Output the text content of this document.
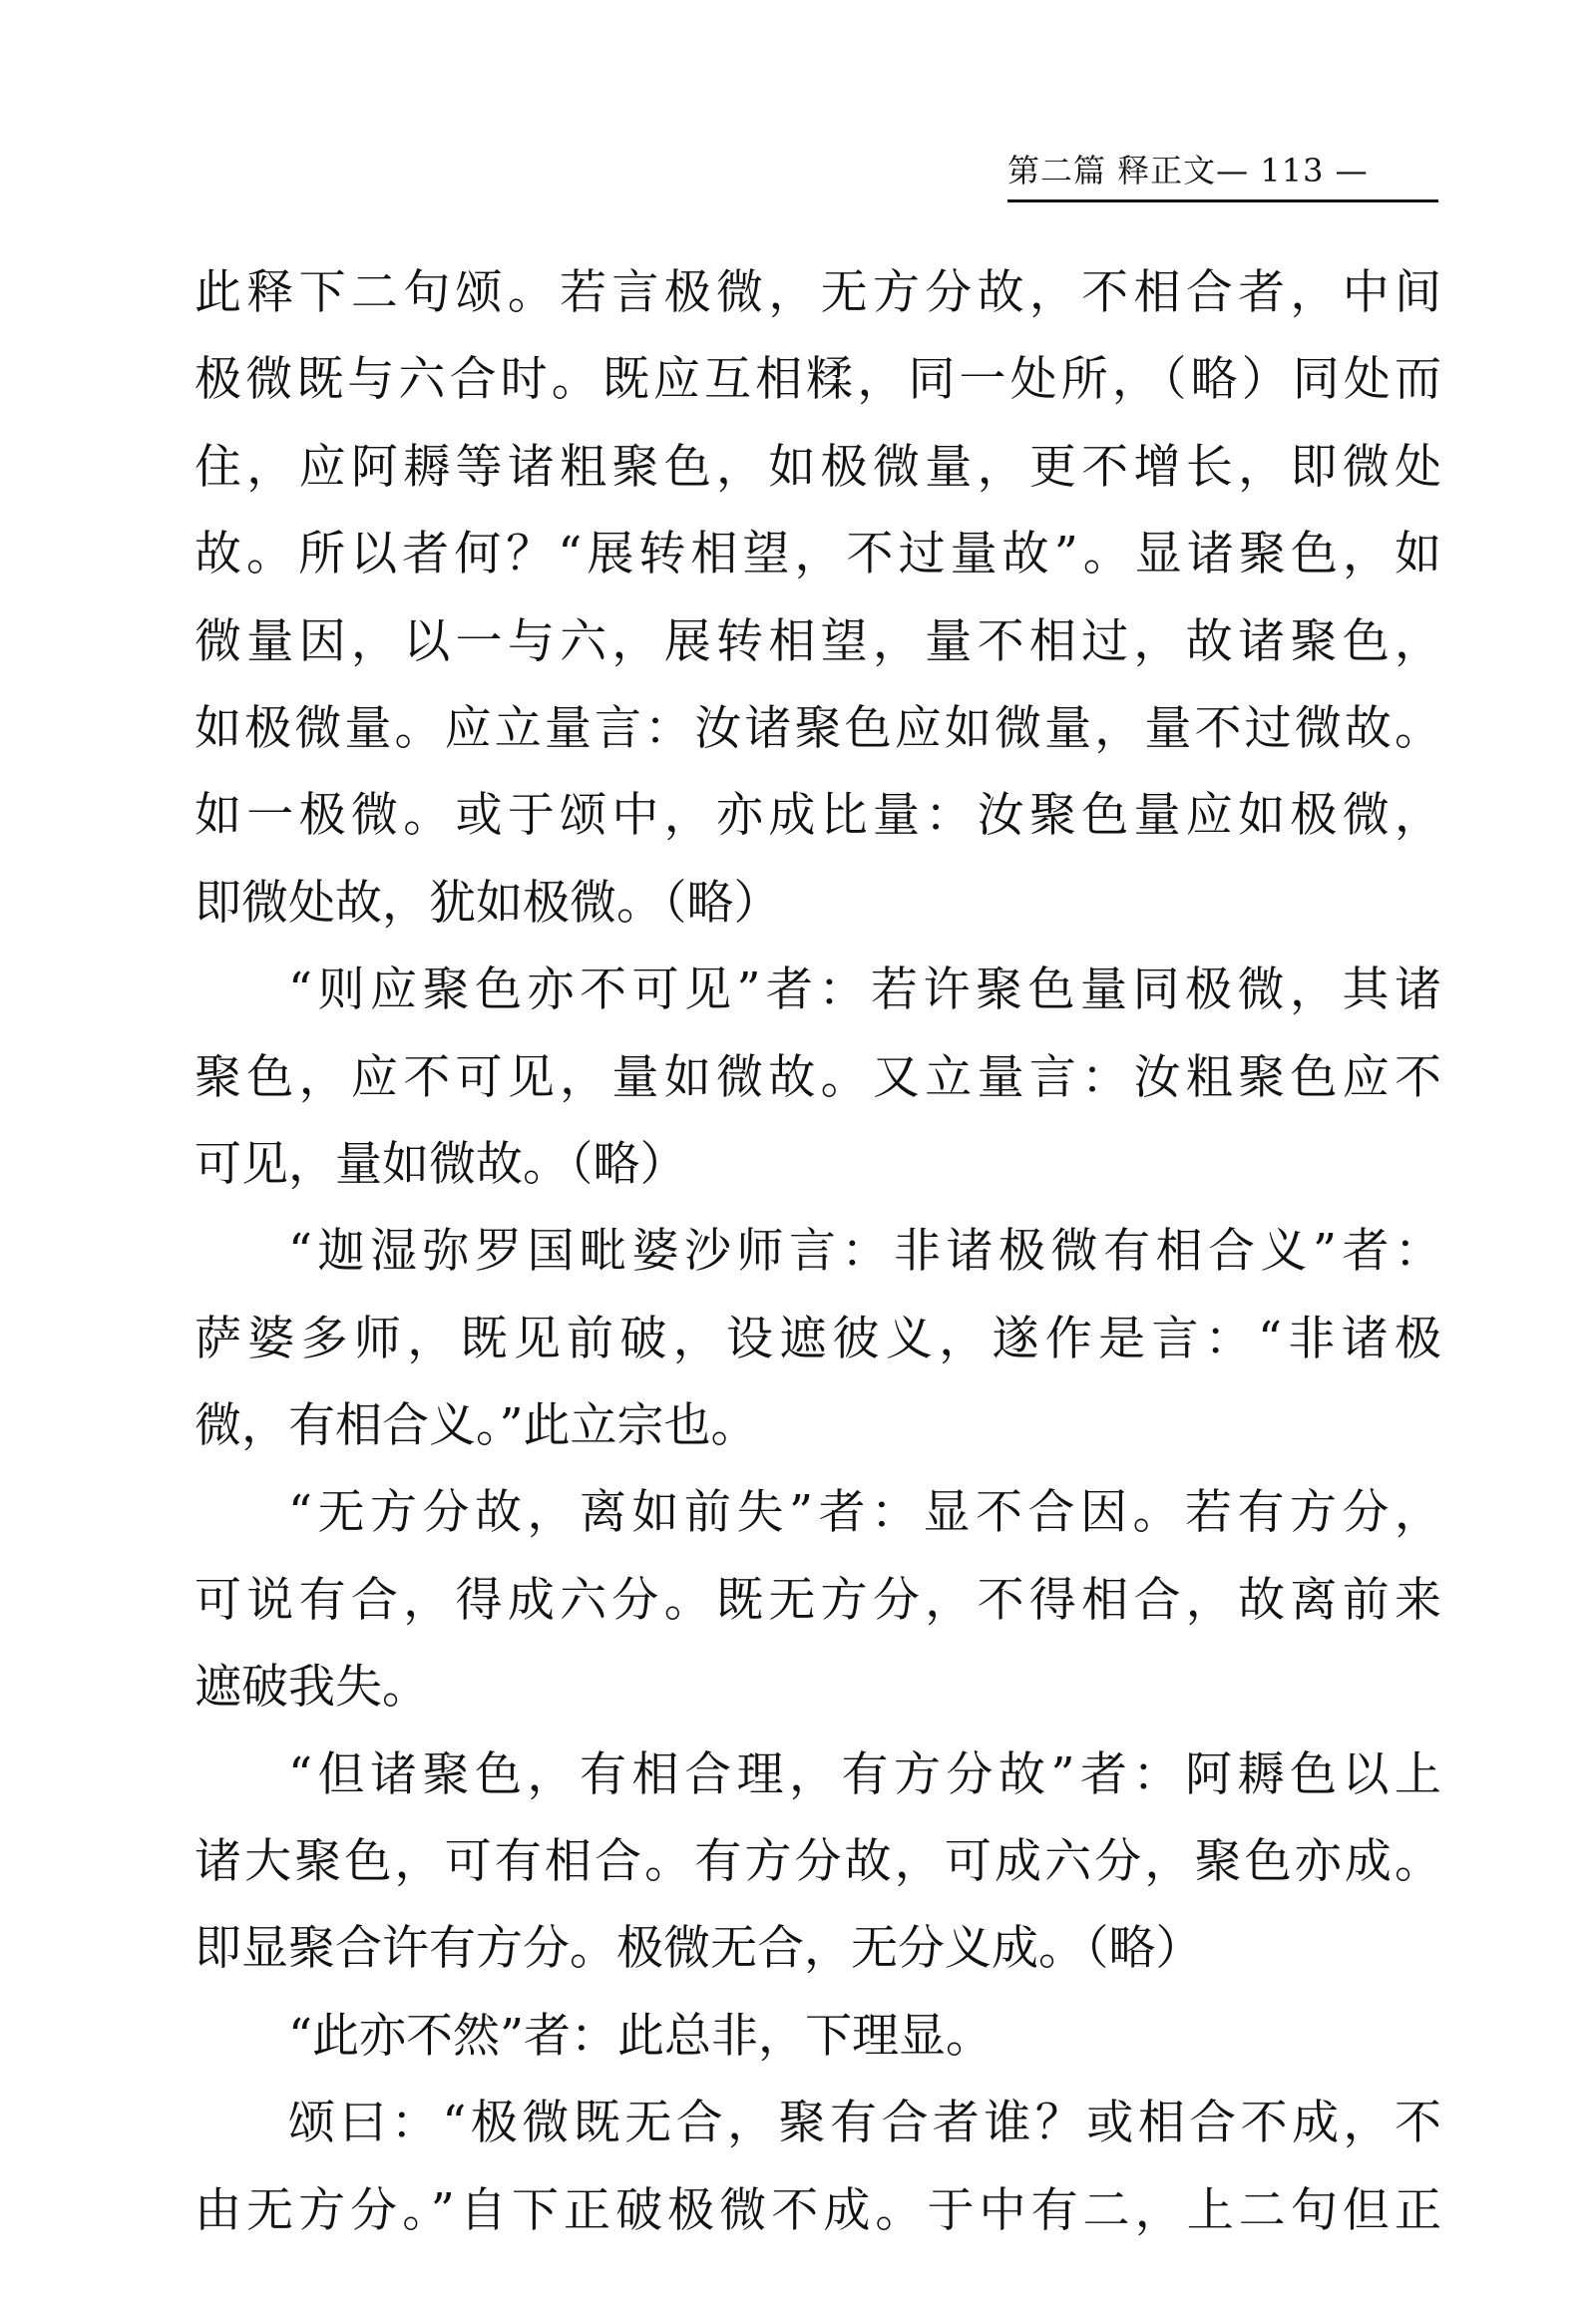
第二篇 释正文— 113 —
此释下二句颂。若言极微，无方分故，不相合者，中间
极微既与六合时。既应互相糅，同一处所，（略）同处而
住，应阿耨等诸粗聚色，如极微量，更不增长，即微处
故。所以者何？“展转相望，不过量故”。显诸聚色，如
微量因，以一与六，展转相望，量不相过，故诸聚色，
如极微量。应立量言：汝诸聚色应如微量，量不过微故。
如一极微。或于颂中，亦成比量：汝聚色量应如极微，
即微处故，犹如极微。（略）
“则应聚色亦不可见”者：若许聚色量同极微，其诸
聚色，应不可见，量如微故。又立量言：汝粗聚色应不
可见，量如微故。（略）
“迦湿弥罗国毗婆沙师言：非诸极微有相合义”者：
萨婆多师，既见前破，设遮彼义，遂作是言：“非诸极
微，有相合义。”此立宗也。
“无方分故，离如前失”者：显不合因。若有方分，
可说有合，得成六分。既无方分，不得相合，故离前来
遮破我失。
“但诸聚色，有相合理，有方分故”者：阿耨色以上
诸大聚色，可有相合。有方分故，可成六分，聚色亦成。
即显聚合许有方分。极微无合，无分义成。（略）
“此亦不然”者：此总非，下理显。
颂曰：“极微既无合，聚有合者谁？或相合不成，不
由无方分。”自下正破极微不成。于中有二，上二句但正
